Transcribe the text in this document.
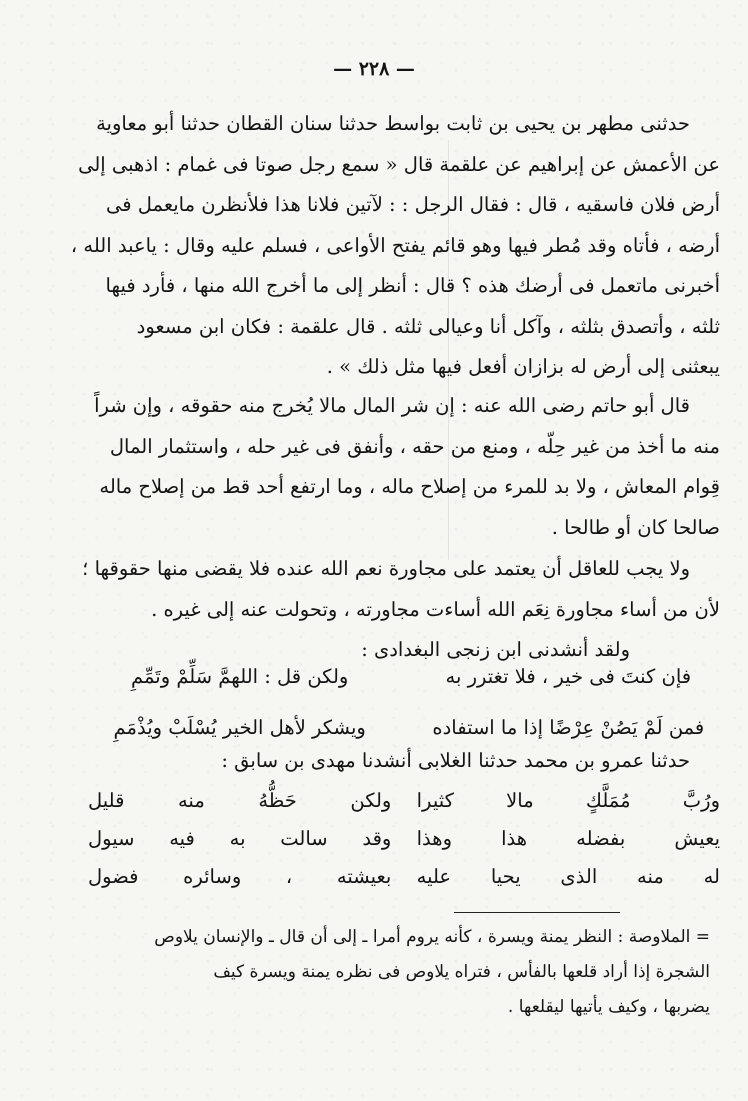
— ٢٢٨ —
حدثنى مطهر بن يحيى بن ثابت بواسط حدثنا سنان القطان حدثنا أبو معاوية
عن الأعمش عن إبراهيم عن علقمة قال « سمع رجل صوتا فى غمام : اذهبى إلى
أرض فلان فاسقيه ، قال : فقال الرجل : : لآتين فلانا هذا فلأنظرن مايعمل فى
أرضه ، فأتاه وقد مُطر فيها وهو قائم يفتح الأواعى ، فسلم عليه وقال : ياعبد الله ،
أخبرنى ماتعمل فى أرضك هذه ؟ قال : أنظر إلى ما أخرج الله منها ، فأرد فيها
ثلثه ، وأتصدق بثلثه ، وآكل أنا وعيالى ثلثه . قال علقمة : فكان ابن مسعود
يبعثنى إلى أرض له بزازان أفعل فيها مثل ذلك » .
قال أبو حاتم رضى الله عنه : إن شر المال مالا يُخرج منه حقوقه ، وإن شراً
منه ما أخذ من غير حِلّه ، ومنع من حقه ، وأنفق فى غير حله ، واستثمار المال
قِوام المعاش ، ولا بد للمرء من إصلاح ماله ، وما ارتفع أحد قط من إصلاح ماله
صالحا كان أو طالحا .
ولا يجب للعاقل أن يعتمد على مجاورة نعم الله عنده فلا يقضى منها حقوقها ؛
لأن من أساء مجاورة نِعَم الله أساءت مجاورته ، وتحولت عنه إلى غيره .
ولقد أنشدنى ابن زنجى البغدادى :
فإن كنتَ فى خير ، فلا تغترر به
ولكن قل : اللهمَّ سَلِّمْ وتَمِّمِ
فمن لَمْ يَصُنْ عِرْضًا إذا ما استفاده
ويشكر لأهل الخير يُسْلَبْ ويُذْمَمِ
حدثنا عمرو بن محمد حدثنا الغلابى أنشدنا مهدى بن سابق :
ورُبَّ مُمَلَّكٍ مالا كثيرا
ولكن حَظُّهُ منه قليل
يعيش بفضله هذا وهذا
وقد سالت به فيه سيول
له منه الذى يحيا عليه
بعيشته ، وسائره فضول
= الملاوصة : النظر يمنة ويسرة ، كأنه يروم أمرا ـ إلى أن قال ـ والإنسان يلاوص
الشجرة إذا أراد قلعها بالفأس ، فتراه يلاوص فى نظره يمنة ويسرة كيف
يضربها ، وكيف يأتيها ليقلعها .
